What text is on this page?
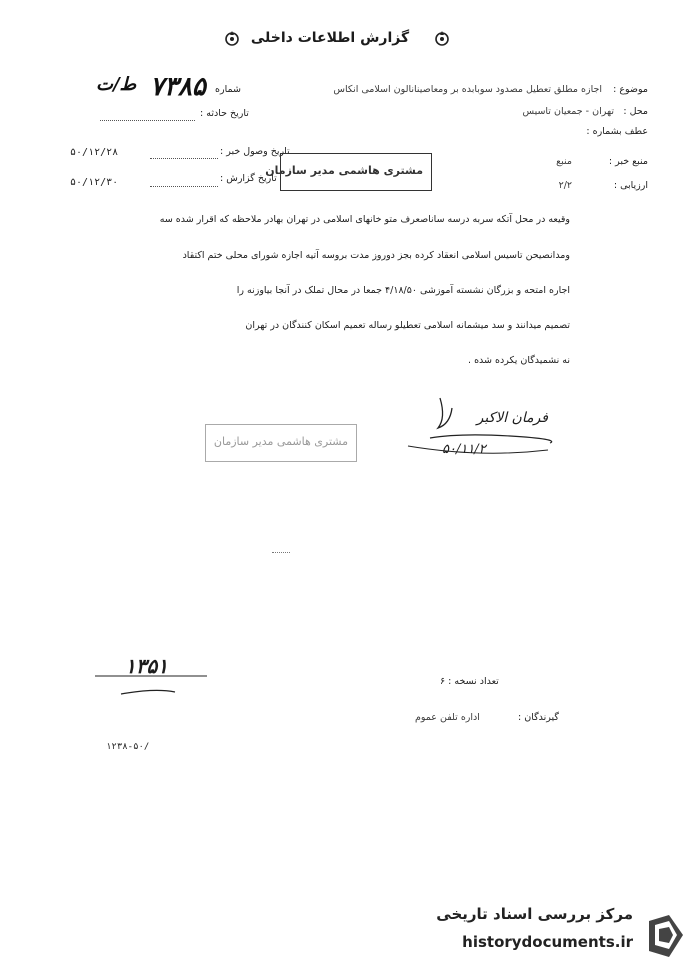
گزارش اطلاعات داخلی
موضوع :
اجازه مطلق تعطیل مصدود سوبابده بر ومعاصینانالون اسلامی انکاس
شماره
۷۳۸۵
ط/ت
محل :
تهران - جمعیان تاسیس
تاریخ حادثه :
عطف بشماره :
تاریخ وصول خبر :
۵۰/۱۲/۲۸
تاریخ گزارش :
۵۰/۱۲/۳۰
منبع خبر :
منبع
ارزیابی :
۲/۲
مشتری هاشمی مدیر سازمان
وقیعه در محل آتکه سربه درسه ساناصعرف متو خانهای اسلامی در تهران بهادر ملاحظه که اقرار شده سه
ومدانصیحن تاسیس اسلامی انعقاد کرده بجز دوروز مدت بروسه آتیه اجازه شورای محلی ختم اکتقاد
اجاره امتحه و بزرگان نشسته آموزشی ۴/۱۸/۵۰ جمعا در محال تملک در آنجا بیاوزنه را
تصمیم میدانند و سد میشمانه اسلامی تعطیلو رساله تعمیم اسکان کنندگان در تهران
نه نشمیدگان یکرده شده .
فرمان الاکبر
۵۰/۱۱/۲
مشتری هاشمی مدیر سازمان
۱۳۵۱
تعداد نسخه : ۶
گیرندگان :
اداره تلفن عموم
۱۲۳۸-۵۰/
مرکز بررسی اسناد تاریخی
historydocuments.ir
